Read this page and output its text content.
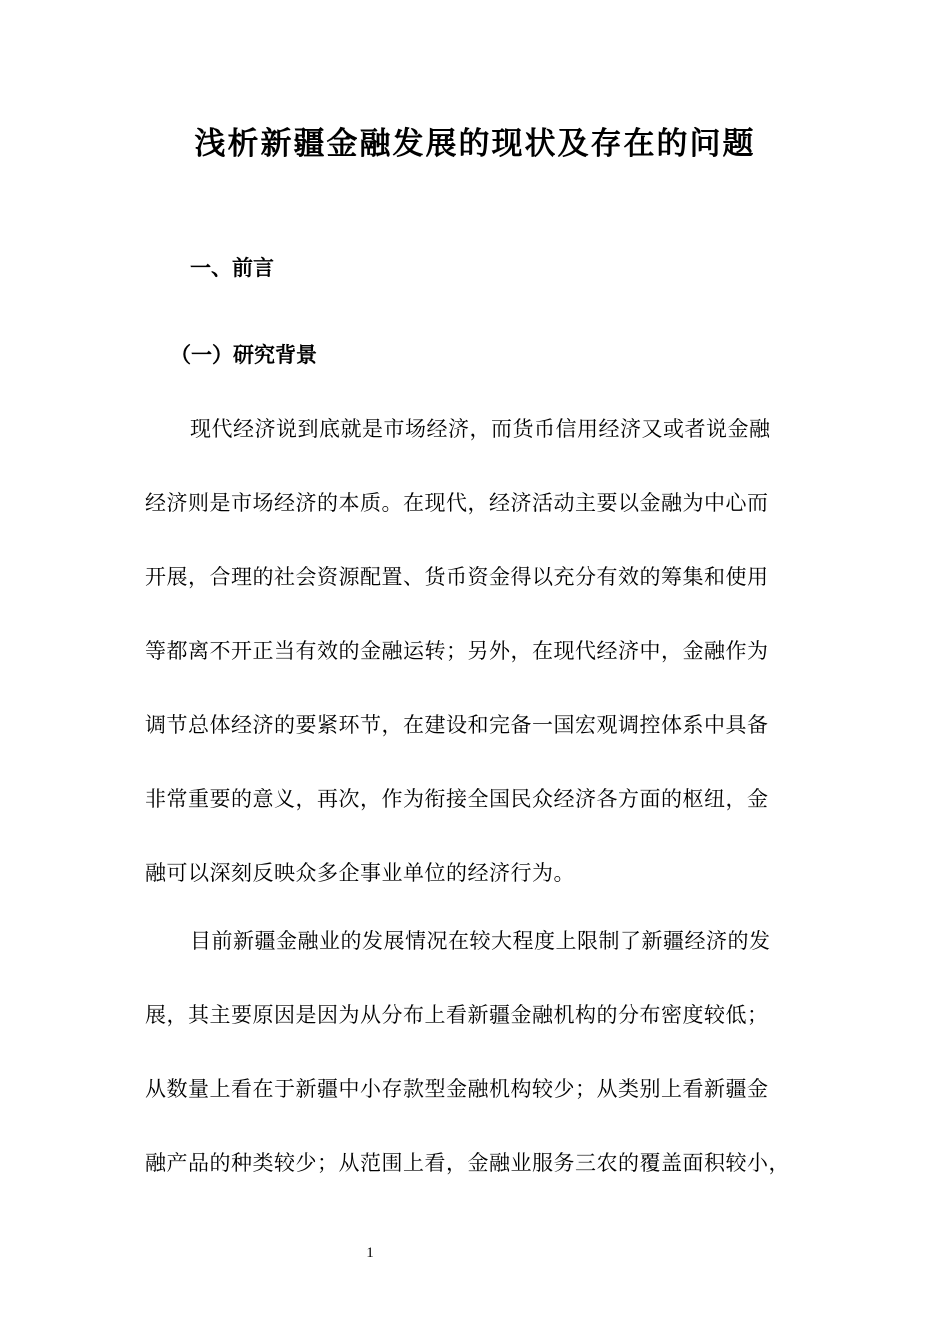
浅析新疆金融发展的现状及存在的问题
一、前言
（一）研究背景
现代经济说到底就是市场经济，而货币信用经济又或者说金融
经济则是市场经济的本质。在现代，经济活动主要以金融为中心而
开展，合理的社会资源配置、货币资金得以充分有效的筹集和使用
等都离不开正当有效的金融运转；另外，在现代经济中，金融作为
调节总体经济的要紧环节，在建设和完备一国宏观调控体系中具备
非常重要的意义，再次，作为衔接全国民众经济各方面的枢纽，金
融可以深刻反映众多企事业单位的经济行为。
目前新疆金融业的发展情况在较大程度上限制了新疆经济的发
展，其主要原因是因为从分布上看新疆金融机构的分布密度较低；
从数量上看在于新疆中小存款型金融机构较少；从类别上看新疆金
融产品的种类较少；从范围上看，金融业服务三农的覆盖面积较小，
1
